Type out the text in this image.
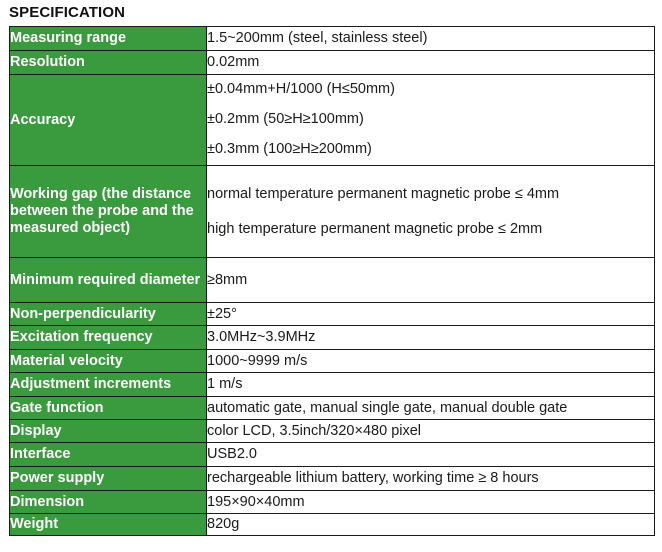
SPECIFICATION
Measuring range	1.5~200mm (steel, stainless steel)

Resolution	0.02mm

Accuracy	±0.04mm+H/1000 (H≤50mm)
±0.2mm (50≥H≥100mm)
±0.3mm (100≥H≥200mm)

Working gap (the distance between the probe and the measured object)	normal temperature permanent magnetic probe ≤ 4mm
high temperature permanent magnetic probe ≤ 2mm

Minimum required diameter	≥8mm

Non-perpendicularity	±25°

Excitation frequency	3.0MHz~3.9MHz

Material velocity	1000~9999 m/s

Adjustment increments	1 m/s

Gate function	automatic gate, manual single gate, manual double gate

Display	color LCD, 3.5inch/320×480 pixel

Interface	USB2.0

Power supply	rechargeable lithium battery, working time ≥ 8 hours

Dimension	195×90×40mm

Weight	820g
